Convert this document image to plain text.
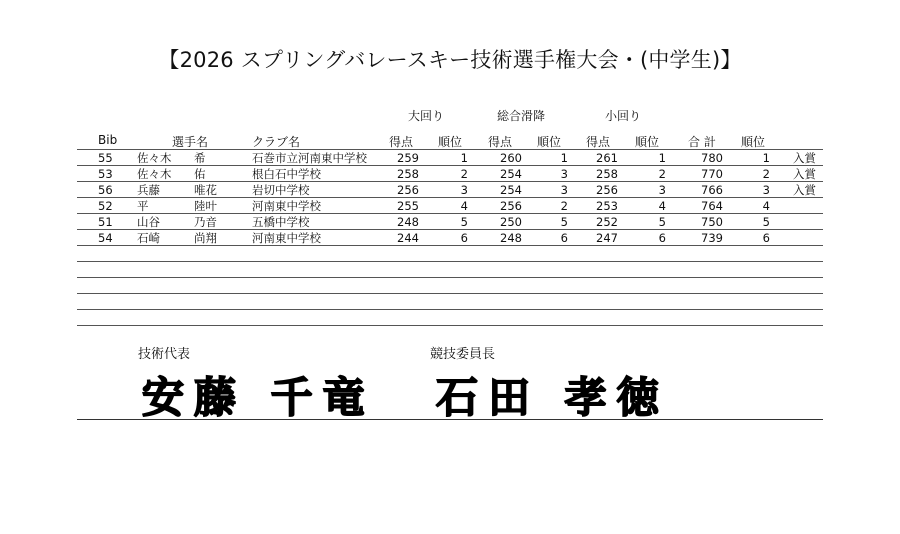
【2026 スプリングバレースキー技術選手権大会・(中学生)】
大回り	総合滑降	小回り
Bib	選手名	クラブ名	得点 順位 得点 順位 得点 順位 合 計 順位
55	佐々木	希	石巻市立河南東中学校	259	1	260	1	261	1	780	1 入賞
53	佐々木	佑	根白石中学校	258	2	254	3	258	2	770	2 入賞
56	兵藤	唯花	岩切中学校	256	3	254	3	256	3	766	3 入賞
52	平	陸叶	河南東中学校	255	4	256	2	253	4	764	4
51	山谷	乃音	五橋中学校	248	5	250	5	252	5	750	5
54	石崎	尚翔	河南東中学校	244	6	248	6	247	6	739	6
技術代表	競技委員長
安藤 千竜 石田 孝徳
